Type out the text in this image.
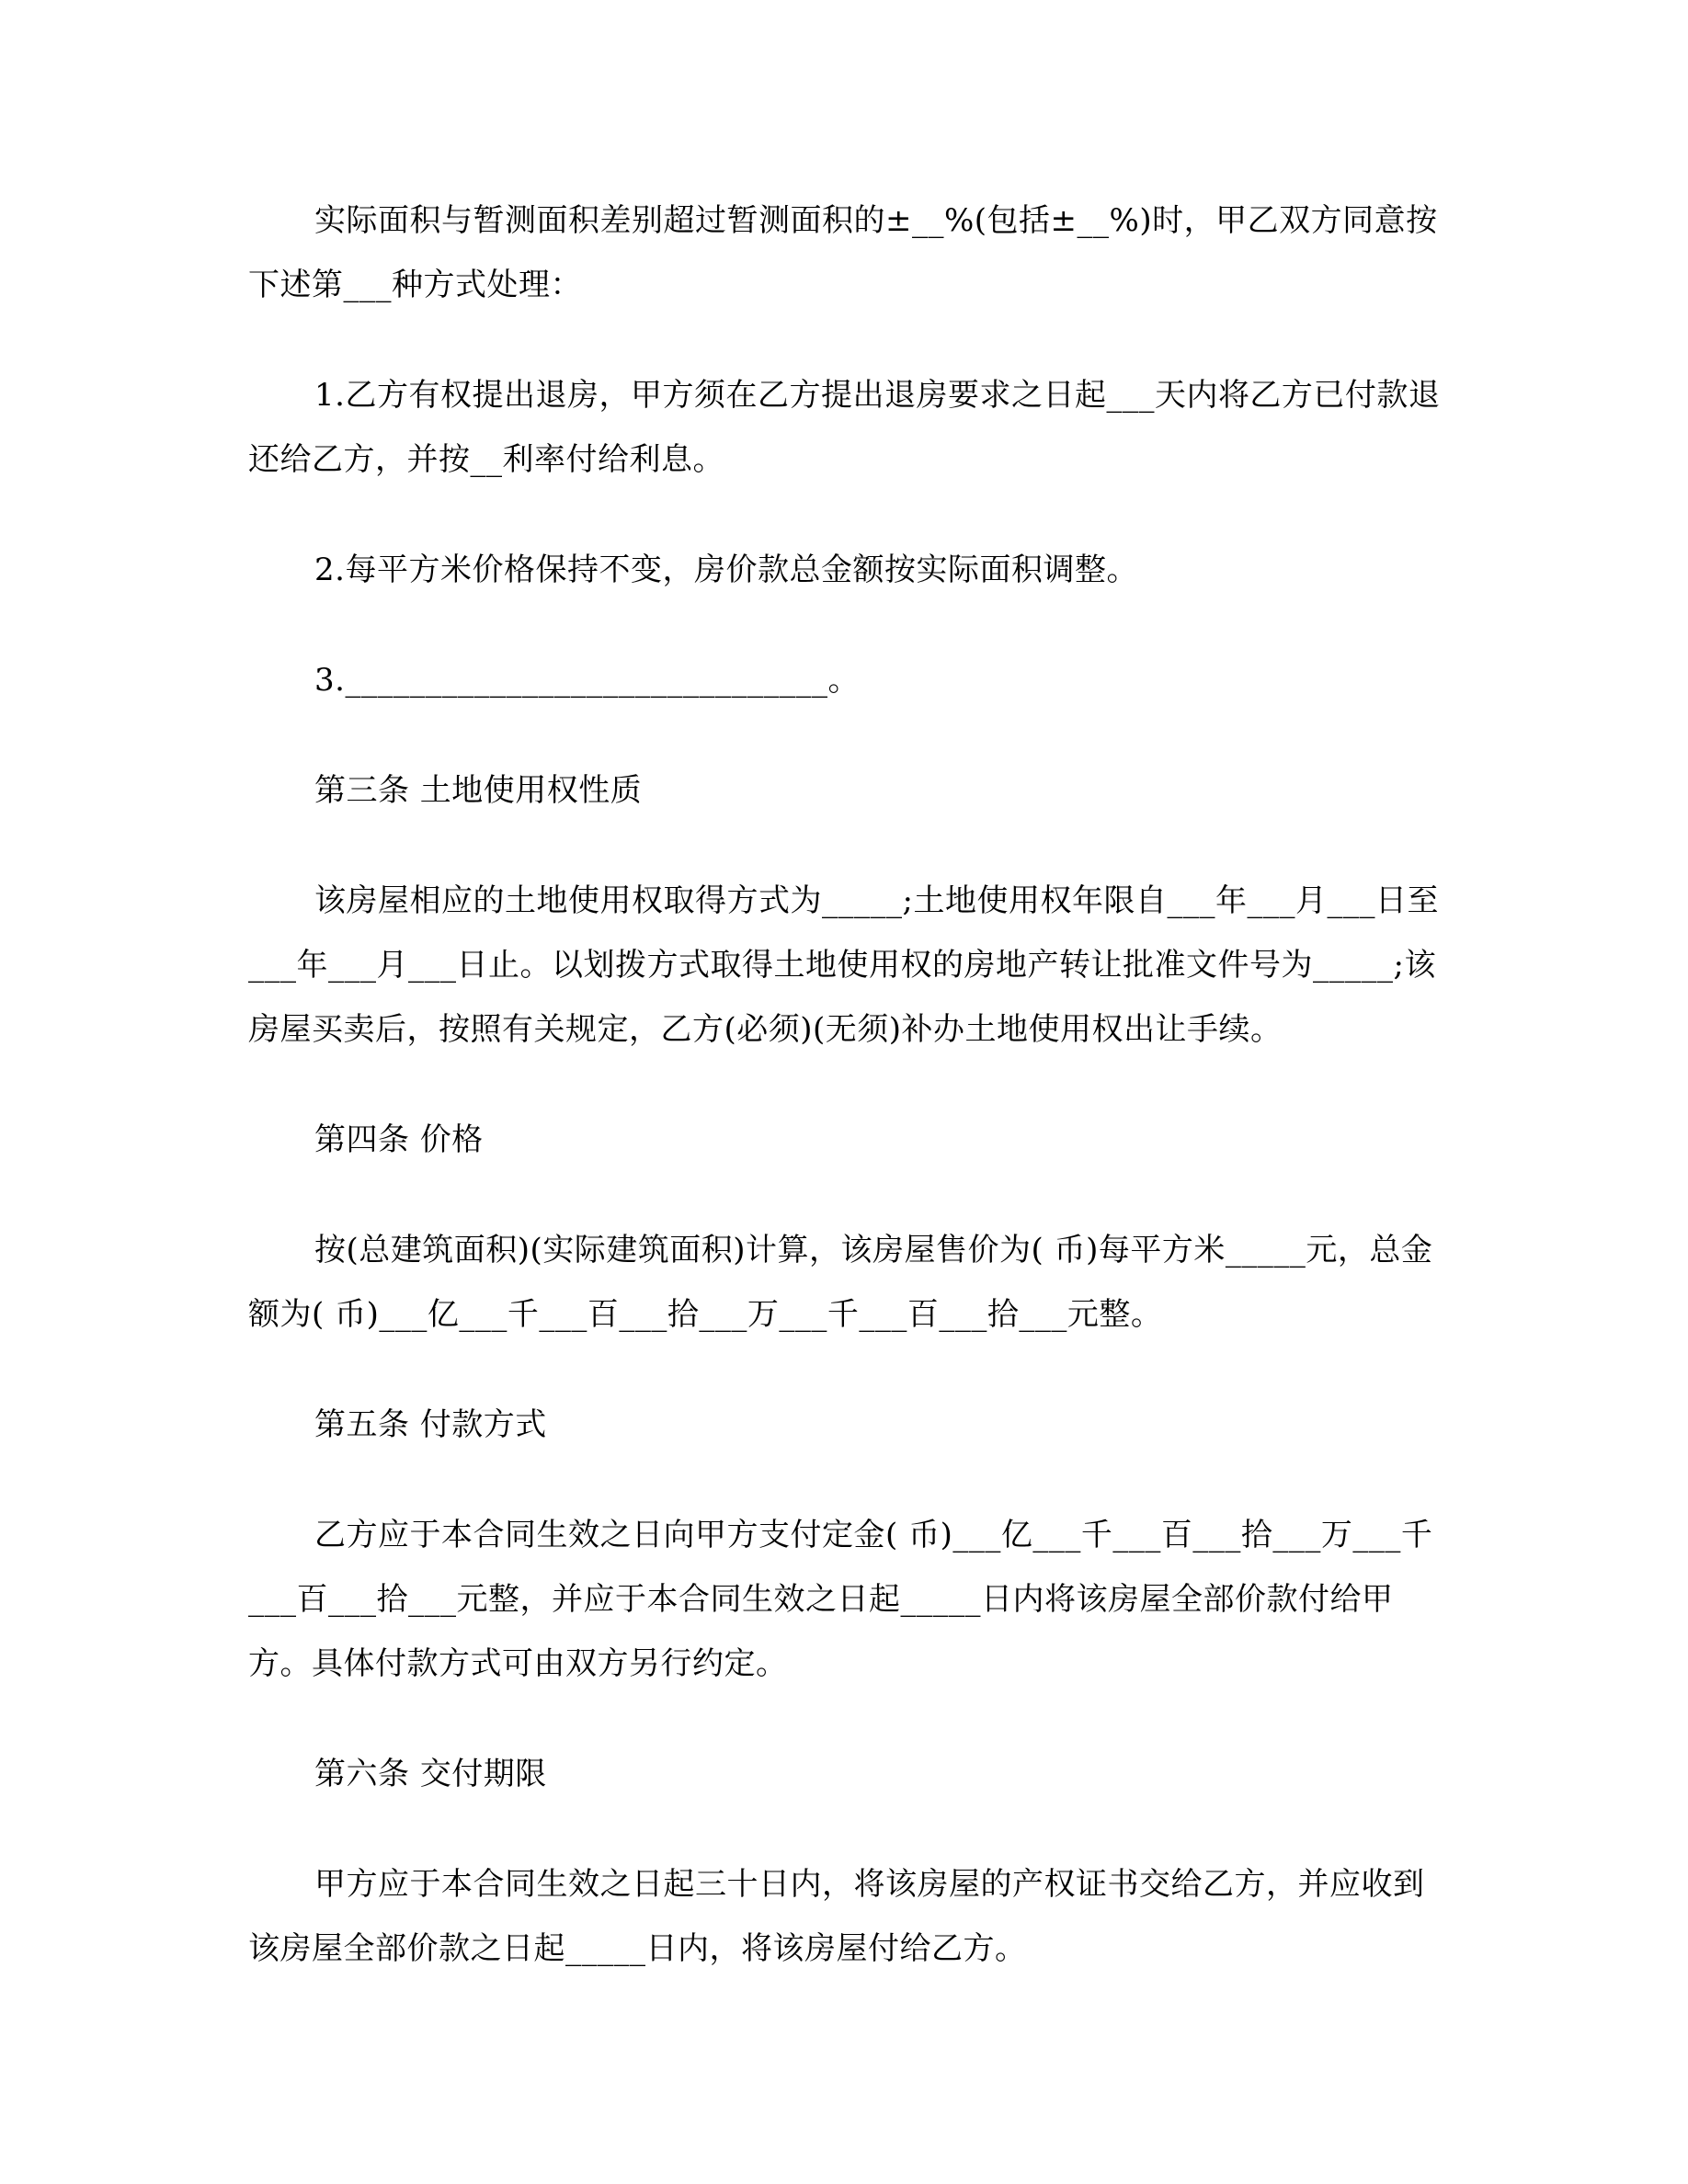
实际面积与暂测面积差别超过暂测面积的±__%(包括±__%)时，甲乙双方同意按下述第___种方式处理：

1.乙方有权提出退房，甲方须在乙方提出退房要求之日起___天内将乙方已付款退还给乙方，并按__利率付给利息。

2.每平方米价格保持不变，房价款总金额按实际面积调整。

3.______________________________。

第三条 土地使用权性质

该房屋相应的土地使用权取得方式为_____;土地使用权年限自___年___月___日至___年___月___日止。以划拨方式取得土地使用权的房地产转让批准文件号为_____;该房屋买卖后，按照有关规定，乙方(必须)(无须)补办土地使用权出让手续。

第四条 价格

按(总建筑面积)(实际建筑面积)计算，该房屋售价为( 币)每平方米_____元，总金额为( 币)___亿___千___百___拾___万___千___百___拾___元整。

第五条 付款方式

乙方应于本合同生效之日向甲方支付定金( 币)___亿___千___百___拾___万___千___百___拾___元整，并应于本合同生效之日起_____日内将该房屋全部价款付给甲方。具体付款方式可由双方另行约定。

第六条 交付期限

甲方应于本合同生效之日起三十日内，将该房屋的产权证书交给乙方，并应收到该房屋全部价款之日起_____日内，将该房屋付给乙方。
